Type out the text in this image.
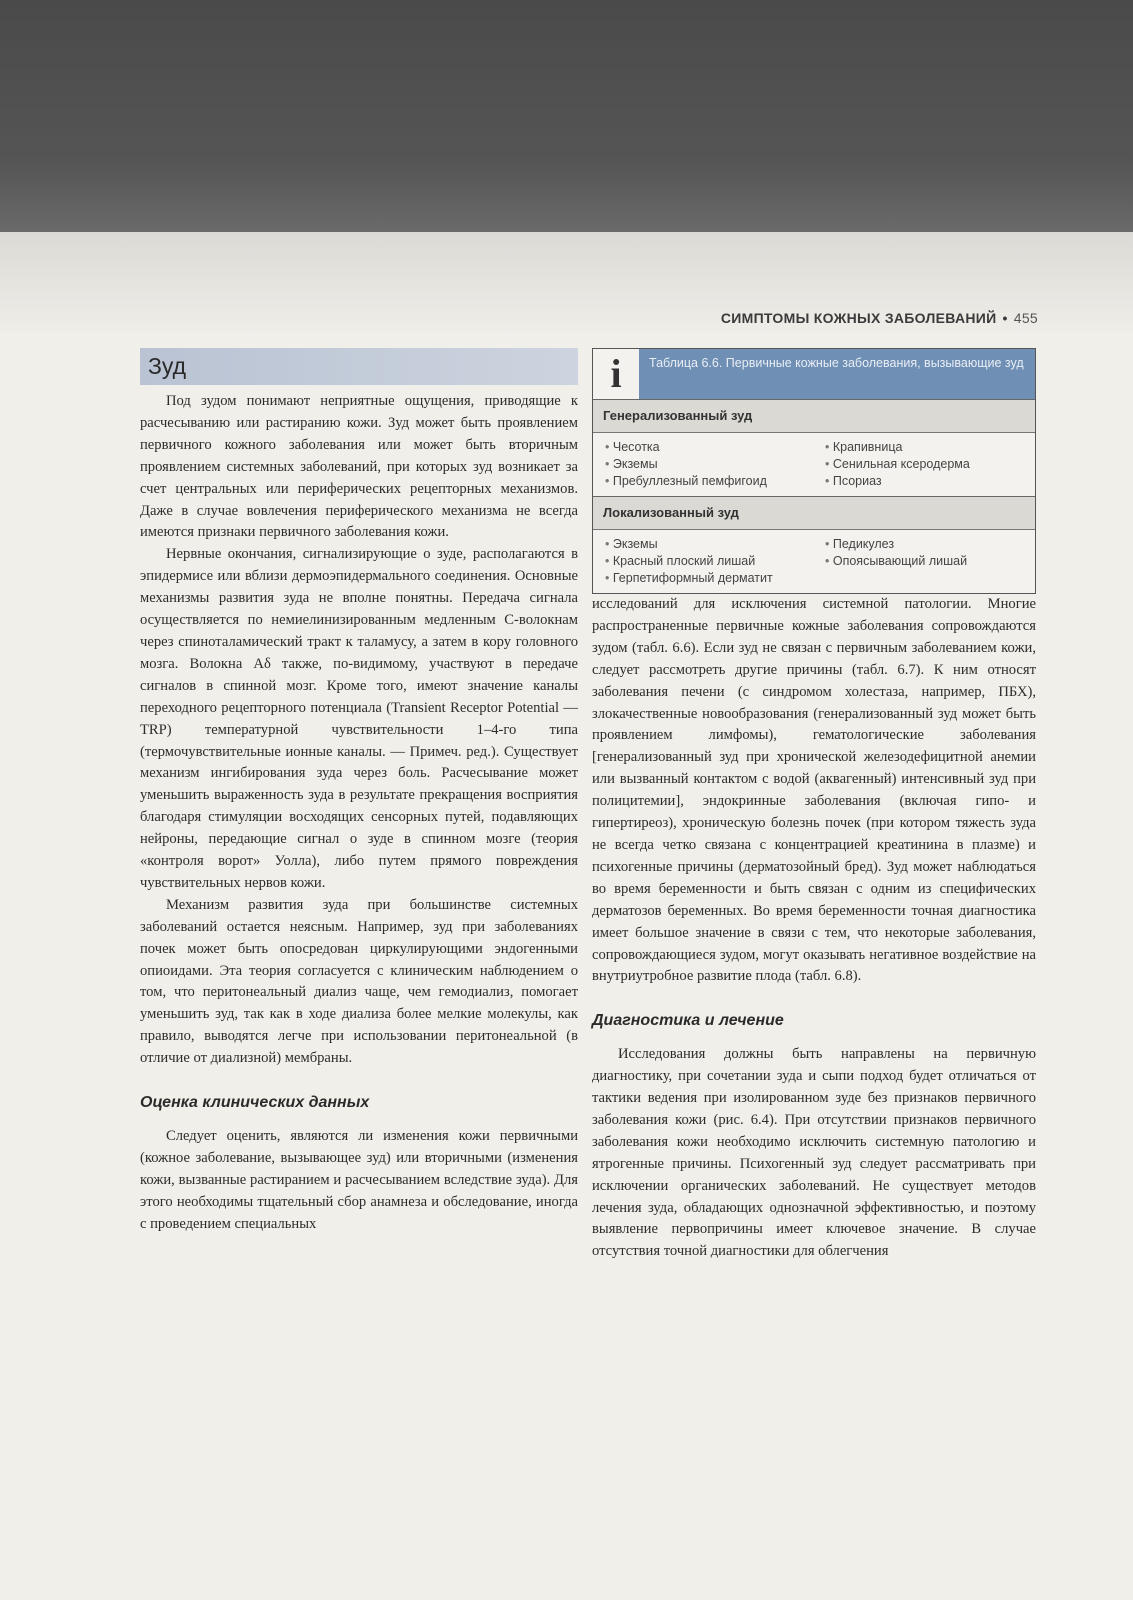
СИМПТОМЫ КОЖНЫХ ЗАБОЛЕВАНИЙ • 455
Зуд

Под зудом понимают неприятные ощущения, приводящие к расчесыванию или растиранию кожи. Зуд может быть проявлением первичного кожного заболевания или может быть вторичным проявлением системных заболеваний, при которых зуд возникает за счет центральных или периферических рецепторных механизмов. Даже в случае вовлечения периферического механизма не всегда имеются признаки первичного заболевания кожи.

Нервные окончания, сигнализирующие о зуде, располагаются в эпидермисе или вблизи дермоэпидермального соединения. Основные механизмы развития зуда не вполне понятны. Передача сигнала осуществляется по немиелинизированным медленным С-волокнам через спиноталамический тракт к таламусу, а затем в кору головного мозга. Волокна Аδ также, по-видимому, участвуют в передаче сигналов в спинной мозг. Кроме того, имеют значение каналы переходного рецепторного потенциала (Transient Receptor Potential — TRP) температурной чувствительности 1–4-го типа (термочувствительные ионные каналы. — Примеч. ред.). Существует механизм ингибирования зуда через боль. Расчесывание может уменьшить выраженность зуда в результате прекращения восприятия благодаря стимуляции восходящих сенсорных путей, подавляющих нейроны, передающие сигнал о зуде в спинном мозге (теория «контроля ворот» Уолла), либо путем прямого повреждения чувствительных нервов кожи.

Механизм развития зуда при большинстве системных заболеваний остается неясным. Например, зуд при заболеваниях почек может быть опосредован циркулирующими эндогенными опиоидами. Эта теория согласуется с клиническим наблюдением о том, что перитонеальный диализ чаще, чем гемодиализ, помогает уменьшить зуд, так как в ходе диализа более мелкие молекулы, как правило, выводятся легче при использовании перитонеальной (в отличие от диализной) мембраны.

Оценка клинических данных

Следует оценить, являются ли изменения кожи первичными (кожное заболевание, вызывающее зуд) или вторичными (изменения кожи, вызванные растиранием и расчесыванием вследствие зуда). Для этого необходимы тщательный сбор анамнеза и обследование, иногда с проведением специальных

i	Таблица 6.6. Первичные кожные заболевания, вызывающие зуд
Генерализованный зуд
• Чесотка	• Крапивница
• Экземы	• Сенильная ксеродерма
• Пребуллезный пемфигоид	• Псориаз
Локализованный зуд
• Экземы	• Педикулез
• Красный плоский лишай	• Опоясывающий лишай
• Герпетиформный дерматит

исследований для исключения системной патологии. Многие распространенные первичные кожные заболевания сопровождаются зудом (табл. 6.6). Если зуд не связан с первичным заболеванием кожи, следует рассмотреть другие причины (табл. 6.7). К ним относят заболевания печени (с синдромом холестаза, например, ПБХ), злокачественные новообразования (генерализованный зуд может быть проявлением лимфомы), гематологические заболевания [генерализованный зуд при хронической железодефицитной анемии или вызванный контактом с водой (аквагенный) интенсивный зуд при полицитемии], эндокринные заболевания (включая гипо- и гипертиреоз), хроническую болезнь почек (при котором тяжесть зуда не всегда четко связана с концентрацией креатинина в плазме) и психогенные причины (дерматозойный бред). Зуд может наблюдаться во время беременности и быть связан с одним из специфических дерматозов беременных. Во время беременности точная диагностика имеет большое значение в связи с тем, что некоторые заболевания, сопровождающиеся зудом, могут оказывать негативное воздействие на внутриутробное развитие плода (табл. 6.8).

Диагностика и лечение

Исследования должны быть направлены на первичную диагностику, при сочетании зуда и сыпи подход будет отличаться от тактики ведения при изолированном зуде без признаков первичного заболевания кожи (рис. 6.4). При отсутствии признаков первичного заболевания кожи необходимо исключить системную патологию и ятрогенные причины. Психогенный зуд следует рассматривать при исключении органических заболеваний. Не существует методов лечения зуда, обладающих однозначной эффективностью, и поэтому выявление первопричины имеет ключевое значение. В случае отсутствия точной диагностики для облегчения
